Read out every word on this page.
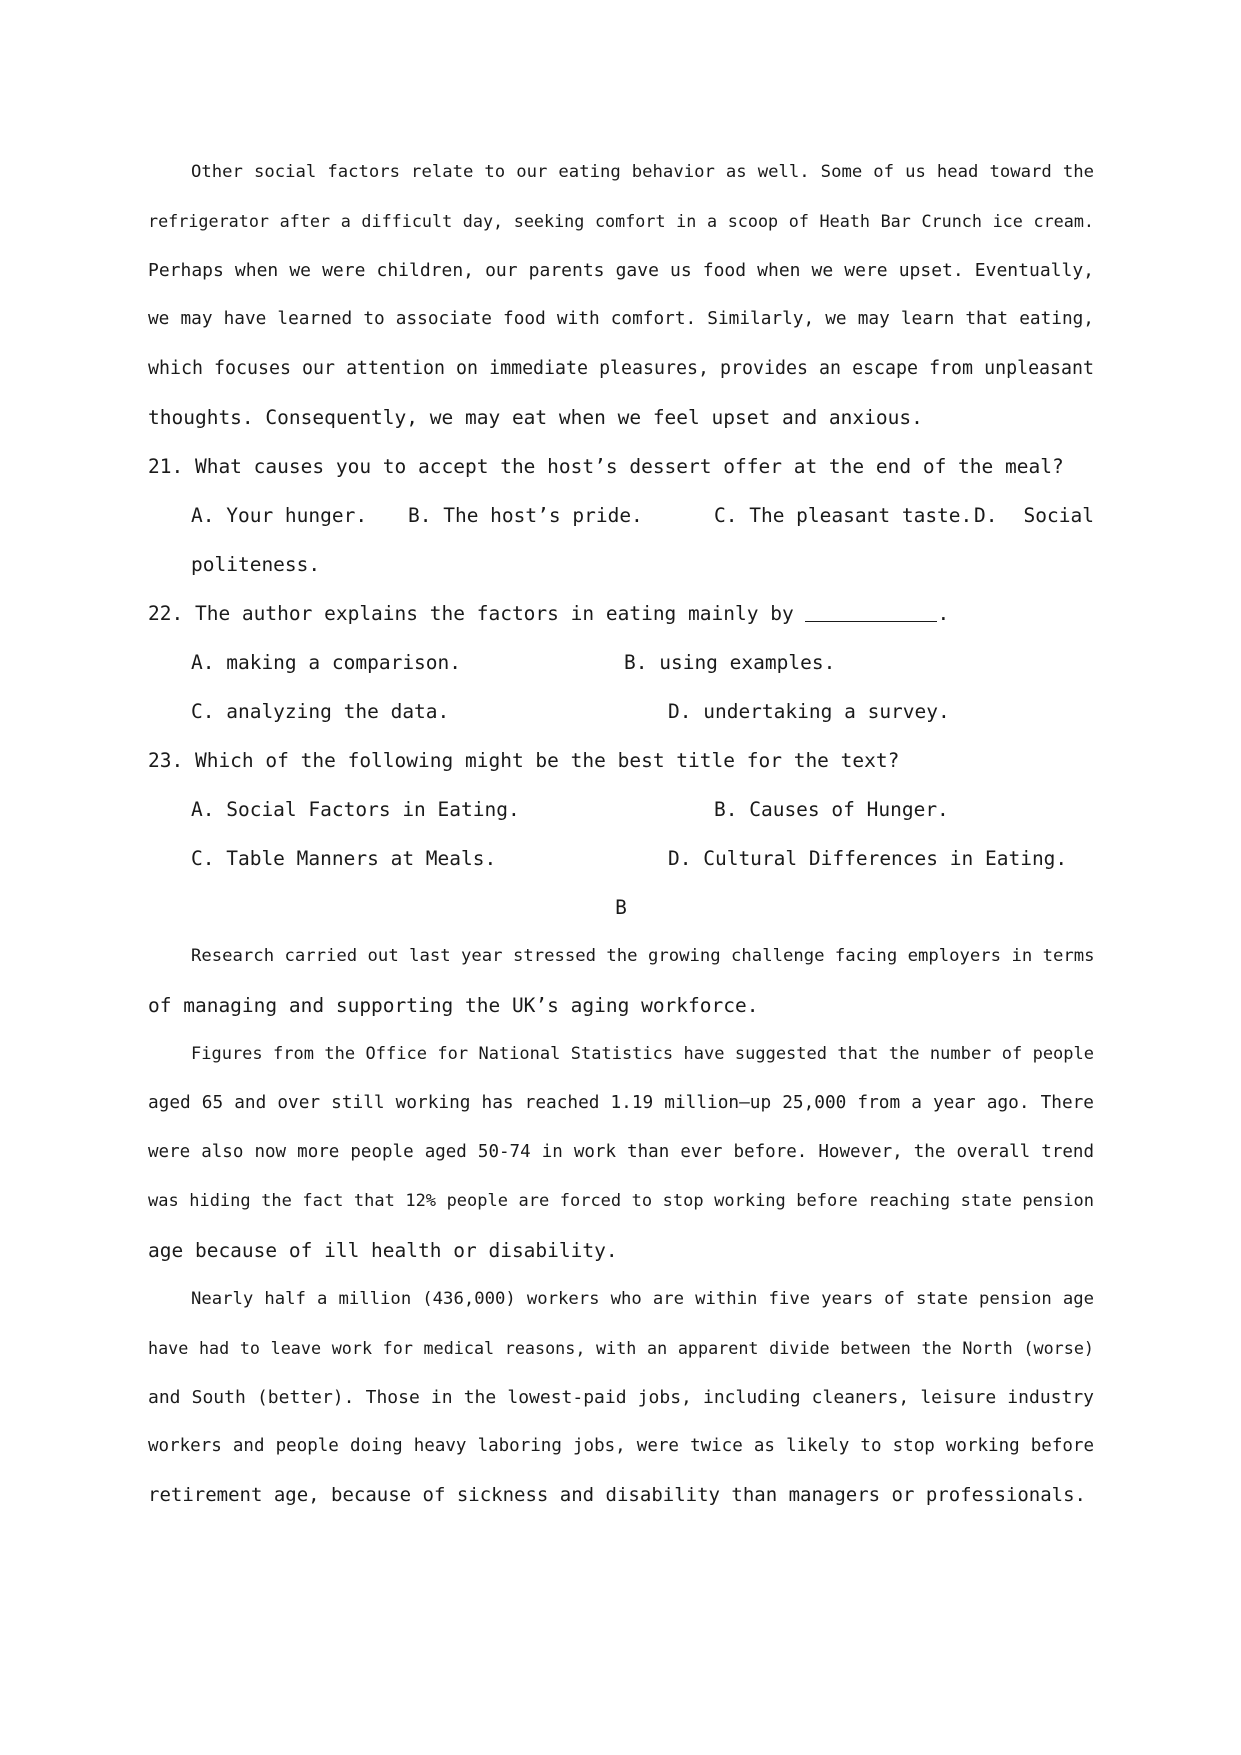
Other social factors relate to our eating behavior as well. Some of us head toward the
refrigerator after a difficult day, seeking comfort in a scoop of Heath Bar Crunch ice cream.
Perhaps when we were children, our parents gave us food when we were upset. Eventually,
we may have learned to associate food with comfort. Similarly, we may learn that eating,
which focuses our attention on immediate pleasures, provides an escape from unpleasant
thoughts. Consequently, we may eat when we feel upset and anxious.
21. What causes you to accept the host’s dessert offer at the end of the meal?
A. Your hunger. B. The host’s pride.	C. The pleasant taste. D. Social
politeness.
22. The author explains the factors in eating mainly by	.
A. making a comparison.	B. using examples.
C. analyzing the data.	D. undertaking a survey.
23. Which of the following might be the best title for the text?
A. Social Factors in Eating.	B. Causes of Hunger.
C. Table Manners at Meals.	D. Cultural Differences in Eating.
B
Research carried out last year stressed the growing challenge facing employers in terms
of managing and supporting the UK’s aging workforce.
Figures from the Office for National Statistics have suggested that the number of people
aged 65 and over still working has reached 1.19 million—up 25,000 from a year ago. There
were also now more people aged 50-74 in work than ever before. However, the overall trend
was hiding the fact that 12% people are forced to stop working before reaching state pension
age because of ill health or disability.
Nearly half a million (436,000) workers who are within five years of state pension age
have had to leave work for medical reasons, with an apparent divide between the North (worse)
and South (better). Those in the lowest-paid jobs, including cleaners, leisure industry
workers and people doing heavy laboring jobs, were twice as likely to stop working before
retirement age, because of sickness and disability than managers or professionals.
